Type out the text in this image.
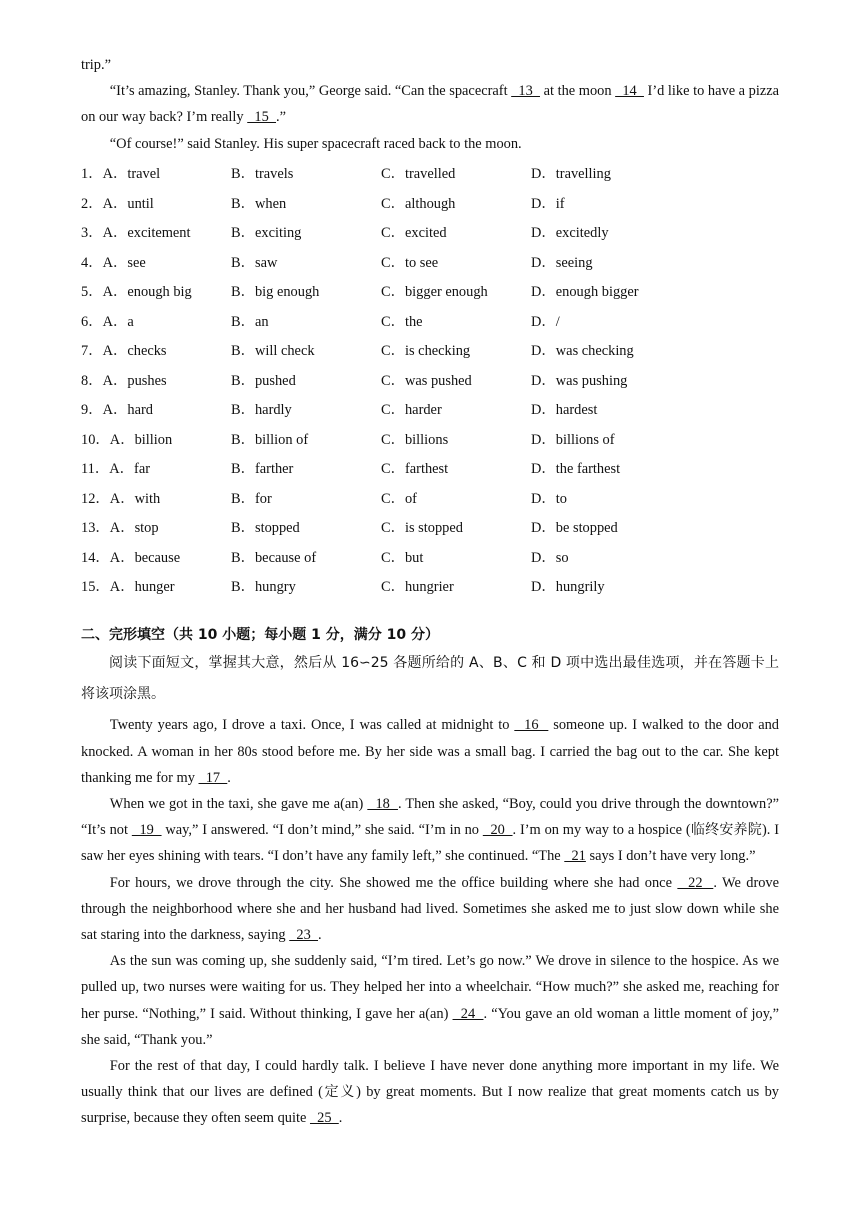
trip.”

“It’s amazing, Stanley. Thank you,” George said. “Can the spacecraft   13   at the moon   14   I’d like to have a pizza on our way back? I’m really   15  .”

“Of course!” said Stanley. His super spacecraft raced back to the moon.

1．A．travel	B．travels	C．travelled	D．travelling
2．A．until	B．when	C．although	D．if
3．A．excitement	B．exciting	C．excited	D．excitedly
4．A．see	B．saw	C．to see	D．seeing
5．A．enough big	B．big enough	C．bigger enough	D．enough bigger
6．A．a	B．an	C．the	D．/
7．A．checks	B．will check	C．is checking	D．was checking
8．A．pushes	B．pushed	C．was pushed	D．was pushing
9．A．hard	B．hardly	C．harder	D．hardest
10．A．billion	B．billion of	C．billions	D．billions of
11．A．far	B．farther	C．farthest	D．the farthest
12．A．with	B．for	C．of	D．to
13．A．stop	B．stopped	C．is stopped	D．be stopped
14．A．because	B．because of	C．but	D．so
15．A．hunger	B．hungry	C．hungrier	D．hungrily

二、完形填空（共 10 小题；每小题 1 分，满分 10 分）

阅读下面短文，掌握其大意，然后从 16∽25 各题所给的 A、B、C 和 D 项中选出最佳选项，并在答题卡上将该项涂黑。

Twenty years ago, I drove a taxi. Once, I was called at midnight to   16   someone up. I walked to the door and knocked. A woman in her 80s stood before me. By her side was a small bag. I carried the bag out to the car. She kept thanking me for my   17  .

When we got in the taxi, she gave me a(an)   18  . Then she asked, “Boy, could you drive through the downtown?” “It’s not   19   way,” I answered. “I don’t mind,” she said. “I’m in no   20  . I’m on my way to a hospice (临终安养院). I saw her eyes shining with tears. “I don’t have any family left,” she continued. “The   21 says I don’t have very long.”

For hours, we drove through the city. She showed me the office building where she had once   22  . We drove through the neighborhood where she and her husband had lived. Sometimes she asked me to just slow down while she sat staring into the darkness, saying   23  .

As the sun was coming up, she suddenly said, “I’m tired. Let’s go now.” We drove in silence to the hospice. As we pulled up, two nurses were waiting for us. They helped her into a wheelchair. “How much?” she asked me, reaching for her purse. “Nothing,” I said. Without thinking, I gave her a(an)   24  . “You gave an old woman a little moment of joy,” she said, “Thank you.”

For the rest of that day, I could hardly talk. I believe I have never done anything more important in my life. We usually think that our lives are defined (定义) by great moments. But I now realize that great moments catch us by surprise, because they often seem quite   25  .
